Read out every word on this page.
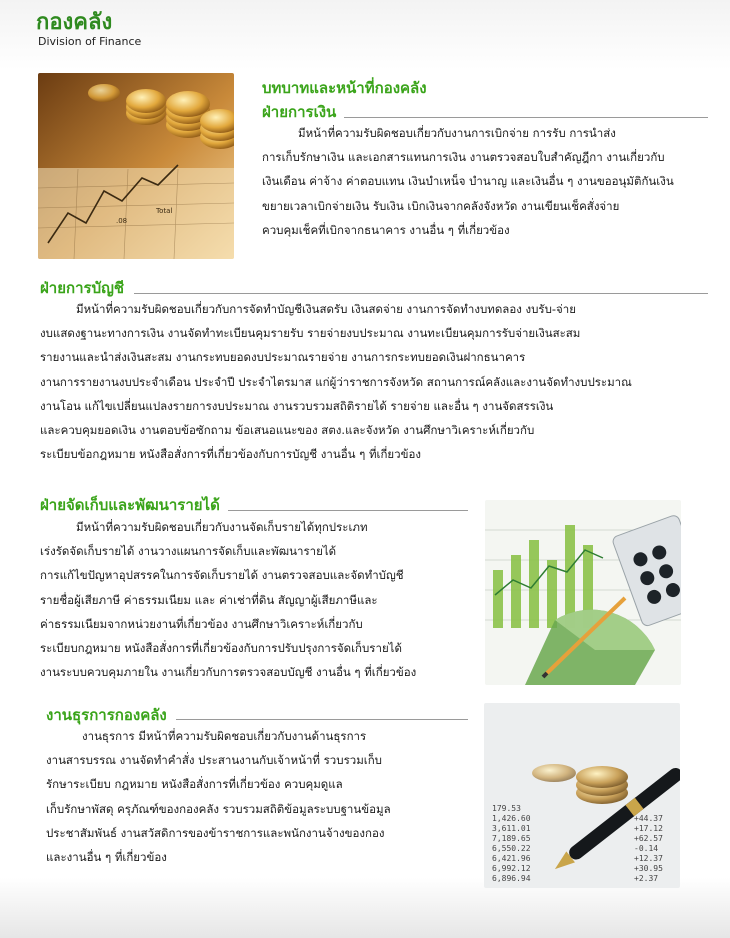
กองคลัง
Division of Finance
.08
Total
บทบาทและหน้าที่กองคลัง
ฝ่ายการเงิน
มีหน้าที่ความรับผิดชอบเกี่ยวกับงานการเบิกจ่าย การรับ การนำส่ง
การเก็บรักษาเงิน และเอกสารแทนการเงิน งานตรวจสอบใบสำคัญฎีกา งานเกี่ยวกับ
เงินเดือน ค่าจ้าง ค่าตอบแทน เงินบำเหน็จ บำนาญ และเงินอื่น ๆ งานขออนุมัติกันเงิน
ขยายเวลาเบิกจ่ายเงิน รับเงิน เบิกเงินจากคลังจังหวัด งานเขียนเช็คสั่งจ่าย
ควบคุมเช็คที่เบิกจากธนาคาร งานอื่น ๆ ที่เกี่ยวข้อง
ฝ่ายการบัญชี
มีหน้าที่ความรับผิดชอบเกี่ยวกับการจัดทำบัญชีเงินสดรับ เงินสดจ่าย งานการจัดทำงบทดลอง งบรับ-จ่าย
งบแสดงฐานะทางการเงิน งานจัดทำทะเบียนคุมรายรับ รายจ่ายงบประมาณ งานทะเบียนคุมการรับจ่ายเงินสะสม
รายงานและนำส่งเงินสะสม งานกระทบยอดงบประมาณรายจ่าย งานการกระทบยอดเงินฝากธนาคาร
งานการรายงานงบประจำเดือน ประจำปี ประจำไตรมาส แก่ผู้ว่าราชการจังหวัด สถานการณ์คลังและงานจัดทำงบประมาณ
งานโอน แก้ไขเปลี่ยนแปลงรายการงบประมาณ งานรวบรวมสถิติรายได้ รายจ่าย และอื่น ๆ งานจัดสรรเงิน
และควบคุมยอดเงิน งานตอบข้อซักถาม ข้อเสนอแนะของ สตง.และจังหวัด งานศึกษาวิเคราะห์เกี่ยวกับ
ระเบียบข้อกฎหมาย หนังสือสั่งการที่เกี่ยวข้องกับการบัญชี งานอื่น ๆ ที่เกี่ยวข้อง
ฝ่ายจัดเก็บและพัฒนารายได้
มีหน้าที่ความรับผิดชอบเกี่ยวกับงานจัดเก็บรายได้ทุกประเภท
เร่งรัดจัดเก็บรายได้ งานวางแผนการจัดเก็บและพัฒนารายได้
การแก้ไขปัญหาอุปสรรคในการจัดเก็บรายได้ งานตรวจสอบและจัดทำบัญชี
รายชื่อผู้เสียภาษี ค่าธรรมเนียม และ ค่าเช่าที่ดิน สัญญาผู้เสียภาษีและ
ค่าธรรมเนียมจากหน่วยงานที่เกี่ยวข้อง งานศึกษาวิเคราะห์เกี่ยวกับ
ระเบียบกฎหมาย หนังสือสั่งการที่เกี่ยวข้องกับการปรับปรุงการจัดเก็บรายได้
งานระบบควบคุมภายใน งานเกี่ยวกับการตรวจสอบบัญชี งานอื่น ๆ ที่เกี่ยวข้อง
งานธุรการกองคลัง
งานธุรการ มีหน้าที่ความรับผิดชอบเกี่ยวกับงานด้านธุรการ
งานสารบรรณ งานจัดทำคำสั่ง ประสานงานกับเจ้าหน้าที่ รวบรวมเก็บ
รักษาระเบียบ กฎหมาย หนังสือสั่งการที่เกี่ยวข้อง ควบคุมดูแล
เก็บรักษาพัสดุ ครุภัณฑ์ของกองคลัง รวบรวมสถิติข้อมูลระบบฐานข้อมูล
ประชาสัมพันธ์ งานสวัสดิการของข้าราชการและพนักงานจ้างของกอง
และงานอื่น ๆ ที่เกี่ยวข้อง
179.53
1,426.60
3,611.01
7,189.65
6,550.22
6,421.96
6,992.12
6,896.94
+44.37
+17.12
+62.57
-0.14
+12.37
+30.95
+2.37
